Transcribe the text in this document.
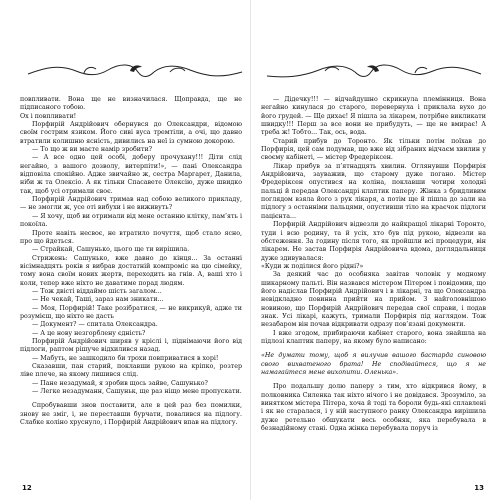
повпливати. Вона ще не визначилася. Щоправда, ще не підписаного тобою.

Ох і повпливати!

Порфирій Андрійович обернувся до Олександри, відомою своїм гострим язиком. Його сиві вуса тремтіли, а очі, що давно втратили колишню ясність, дивились на неї із сумною докорою.

— То що ж ви маєте намір зробити?

— А все одно цей особі, доберу прочухану!!! Діти слід негайно, з вашого дозволу, витерпіти!», — пані Олександра відповіла спокійно. Адже звичайно ж, сестра Маргарет, Данила, ніби ж та Олексіо. А як тільки Спасавете Олексію, дуже швидко так, щоб усі отримали своє.

Порфирій Андрійович тримав над собою великого прикладу, — не змогли ж, усе оті вибухи і не виживуть?

— Я хочу, щоб ви отримали від мене останню клітку, пам’ять і покоїла.

Проте навіть несвоє, не втратило почуття, щоб стало ясно, про що йдеться.

— Страйкай, Сашунько, цього ще ти вирішила.

Стрижень: Сашунько, вже давно до кінця... За останні вісімнадцять років я вибрав достатній компроміс на цю сімейку, тому вона своїм нових жертв, переходить на гнів. А, ваші хто і коли, тепер вже ніхто не даватиме порад людям.

— Тож двісті віддаймо шість загалом...

— Не чекай, Таші, зараз нам зникати...

— Моя, Порфирій! Таке розібратися, — не викрикуй, адже ти розумієш, що ніхто не дасть

— Документ? — спитала Олександра.

— А це нову незгорблену єдність?

Порфирій Андрійович ширяв у кріслі і, піднімаючи його від підлоги, раптом рішуче відхилився назад.

— Мабуть, не зашкодило би трохи повприватися в хорі!

Сказавши, пан старий, поклавши рукою на кріпко, розтер ліве плече, на якому лишився слід.

— Пане незадумай, я зробив щось зайве, Сашунько?

— Легке незадуманн, Сашуньк, ще раз ніщо мене пропускати.

Спробувавши знов поставити, але в цей раз без помилки, знову не зміг, і, не переставши бурчати, повалився на підлогу. Слабке коліно хруснуло, і Порфирій Андрійович впав на підлогу.

12

— Дідечку!!! — відчайдушно скрикнула племінниця. Вона негайно кинулася до старого, перевернула і приклала вухо до його грудей. — Ще дихає! Я пішла за лікарем, потрібне викликати швидку!!! Перш за все вони не прибудуть, — ще не вмирає! А треба ж! Тобто... Так, ось, вода.

Старий прибув до Торонто. Як тільки потім поїхав до Порфирія, цей сам подумав, що вже від зібраних відчаєм хвилин у своєму кабінеті, — містер Фредеріксен.

Лікар прибув за п’ятнадцять хвилин. Оглянувши Порфирія Андрійовича, зауважив, що старому дуже погано. Містер Фредеріксен опустився на коліна, поклавши чотири холодні пальці й передав Олександрі клаптик паперу. Жінка з бридливим поглядом взяла його з рук лікаря, а потім ще й пішла до зали на підлогу з останніми пальцями, опустивши тіло на краєчок підлоги пацієнта...

Порфирій Андрійович відвезли до найкращої лікарні Торонто, туди і всю родину, та й усіх, хто був під рукою, відвезли на обстеження. За годину після того, як пройшли всі процедури, він лікарем. Не застав Порфирія Андрійовича вдома, доглядальниця дуже здивувалася:

«Куди ж поділися його рідні?»

За деякий час до особняка завітав чоловік у модному шикарному пальті. Він назвався містером Пітером і повідомив, що його надіслав Порфирій Андрійович і в лікарні, та що Олександра невідкладно повинна прийти на прийом. З найголовнішою новиною, що Порфирій Андрійович передав свої справи, і подав знак. Усі лікарі, кажуть, тримали Порфирія під наглядом. Тож незабаром він почав відкривати одразу пов’язані документи.

І вже згодом, прибираючи кабінет старого, вона знайшла на підлозі клаптик паперу, на якому було написано:

«Не думати тому, щоб я вилучив вашого бастарда синовою свого вихватеного брата! Не сподівайтеся, що я не намагайтеся мене вихопити. Оленька».

Про подальшу долю паперу з тим, хто відкрився йому, в полковника Силенка так ніхто нічого і не довідався. Зрозуміло, за винятком містера Пітера, хоча й тоді та бороли будь-які сплавлені і як не старалася, і у ній наступного ранку Олександра вирішила дуже ретельно обшукати весь особняк, яка перебувала в безнадійному стані. Одна жінка перебувала поруч із

13
